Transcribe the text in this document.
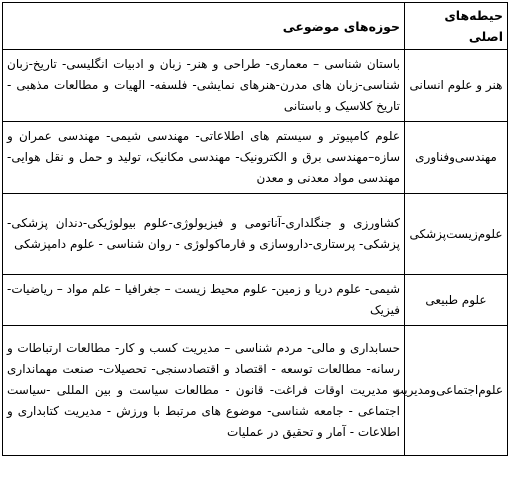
حیطه‌های اصلی	حوزه‌های موضوعی
هنر و علوم انسانی	باستان شناسی – معماری- طراحی و هنر- زبان و ادبیات انگلیسی- تاریخ-زبان شناسی-زبان های مدرن-هنرهای نمایشی- فلسفه- الهیات و مطالعات مذهبی - تاریخ کلاسیک و باستانی
مهندسی‌وفناوری	علوم کامپیوتر و سیستم های اطلاعاتی- مهندسی شیمی- مهندسی عمران و سازه–مهندسی برق و الکترونیک- مهندسی مکانیک، تولید و حمل و نقل هوایی- مهندسی مواد معدنی و معدن
علوم‌زیست‌پزشکی	کشاورزی و جنگلداری-آناتومی و فیزیولوژی-علوم بیولوژیکی-دندان پزشکی- پزشکی- پرستاری-داروسازی و فارماکولوژی - روان شناسی - علوم دامپزشکی
علوم طبیعی	شیمی- علوم دریا و زمین- علوم محیط زیست – جغرافیا – علم مواد – ریاضیات- فیزیک
علوم‌اجتماعی‌ومدیریت	حسابداری و مالی- مردم شناسی – مدیریت کسب و کار- مطالعات ارتباطات و رسانه- مطالعات توسعه - اقتصاد و اقتصادسنجی- تحصیلات- صنعت مهمانداری و مدیریت اوقات فراغت- قانون - مطالعات سیاست و بین المللی -سیاست اجتماعی - جامعه شناسی- موضوع های مرتبط با ورزش - مدیریت کتابداری و اطلاعات - آمار و تحقیق در عملیات
